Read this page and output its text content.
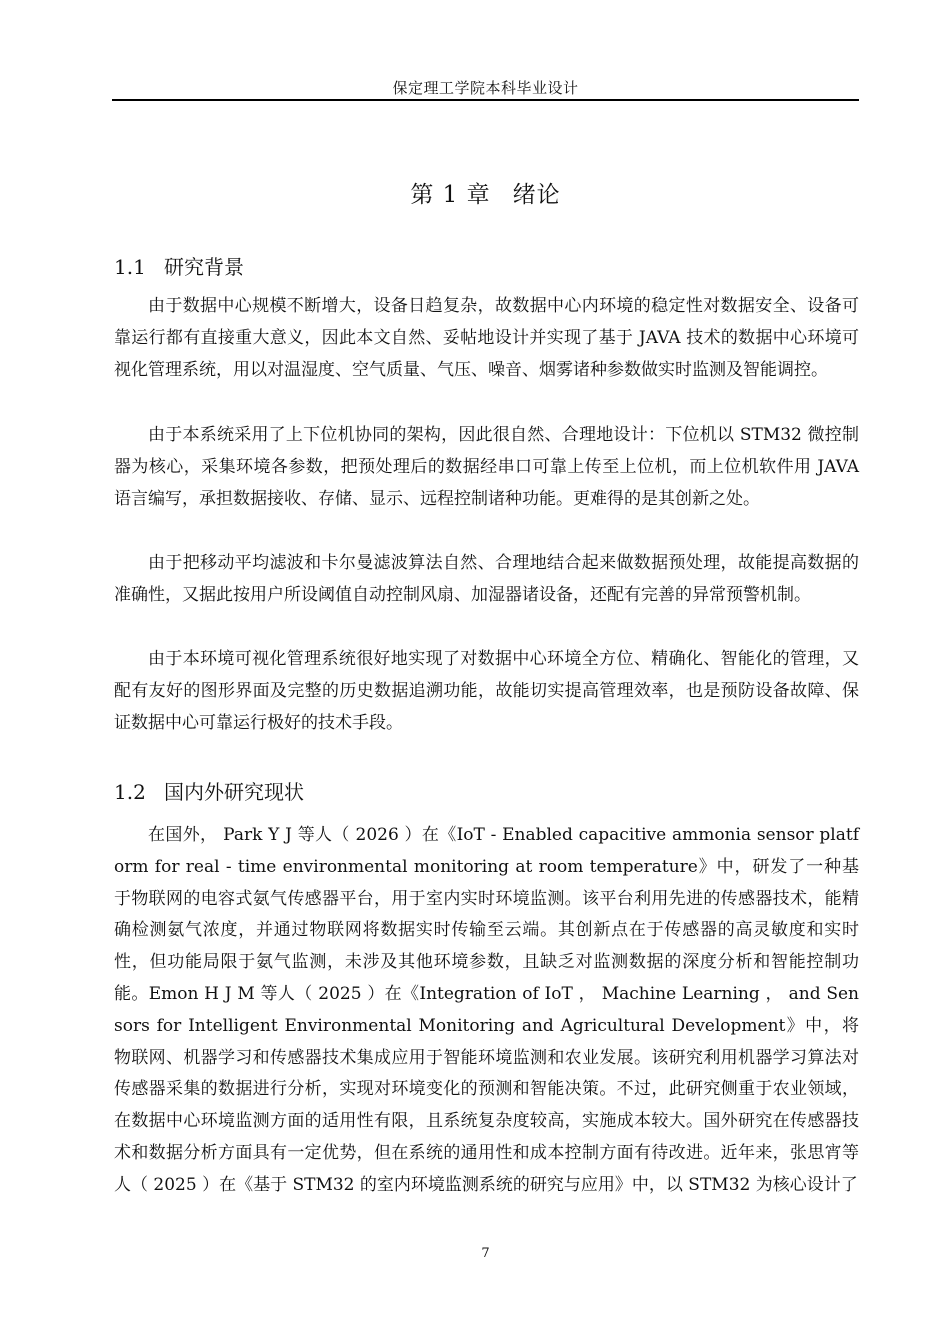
保定理工学院本科毕业设计
第 1 章 绪论
1.1 研究背景

由于数据中心规模不断增大，设备日趋复杂，故数据中心内环境的稳定性对数据安全、设备可靠运行都有直接重大意义，因此本文自然、妥帖地设计并实现了基于 JAVA 技术的数据中心环境可视化管理系统，用以对温湿度、空气质量、气压、噪音、烟雾诸种参数做实时监测及智能调控。

由于本系统采用了上下位机协同的架构，因此很自然、合理地设计：下位机以 STM32 微控制器为核心，采集环境各参数，把预处理后的数据经串口可靠上传至上位机，而上位机软件用 JAVA 语言编写，承担数据接收、存储、显示、远程控制诸种功能。更难得的是其创新之处。

由于把移动平均滤波和卡尔曼滤波算法自然、合理地结合起来做数据预处理，故能提高数据的准确性，又据此按用户所设阈值自动控制风扇、加湿器诸设备，还配有完善的异常预警机制。

由于本环境可视化管理系统很好地实现了对数据中心环境全方位、精确化、智能化的管理，又配有友好的图形界面及完整的历史数据追溯功能，故能切实提高管理效率，也是预防设备故障、保证数据中心可靠运行极好的技术手段。

1.2 国内外研究现状

在国外， Park Y J 等人（ 2026 ）在《IoT - Enabled capacitive ammonia sensor platform for real - time environmental monitoring at room temperature》中，研发了一种基于物联网的电容式氨气传感器平台，用于室内实时环境监测。该平台利用先进的传感器技术，能精确检测氨气浓度，并通过物联网将数据实时传输至云端。其创新点在于传感器的高灵敏度和实时性，但功能局限于氨气监测，未涉及其他环境参数，且缺乏对监测数据的深度分析和智能控制功能。Emon H J M 等人（ 2025 ）在《Integration of IoT ， Machine Learning ， and Sensors for Intelligent Environmental Monitoring and Agricultural Development》中，将物联网、机器学习和传感器技术集成应用于智能环境监测和农业发展。该研究利用机器学习算法对传感器采集的数据进行分析，实现对环境变化的预测和智能决策。不过，此研究侧重于农业领域，在数据中心环境监测方面的适用性有限，且系统复杂度较高，实施成本较大。国外研究在传感器技术和数据分析方面具有一定优势，但在系统的通用性和成本控制方面有待改进。近年来，张思宵等人（ 2025 ）在《基于 STM32 的室内环境监测系统的研究与应用》中，以 STM32 为核心设计了

7
